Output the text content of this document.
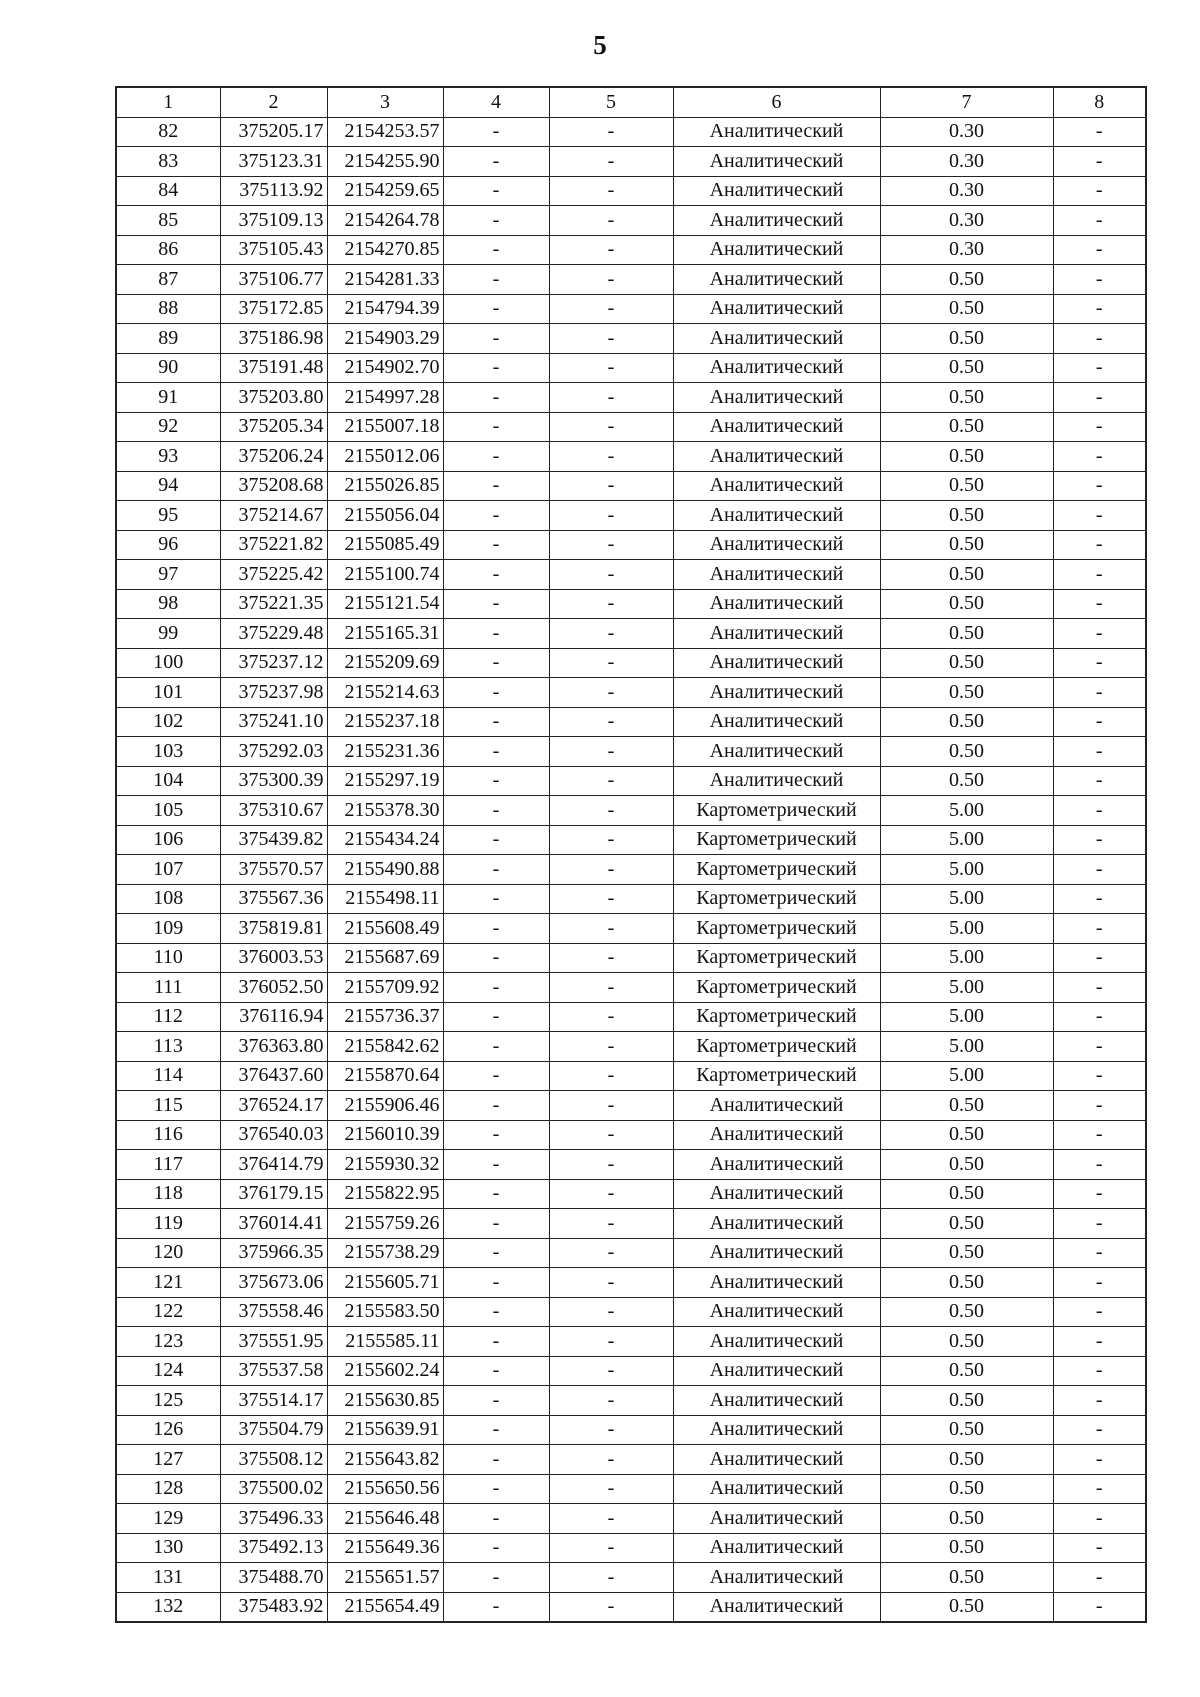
5
1	2	3	4	5	6	7	8
82	375205.17	2154253.57	-	-	Аналитический	0.30	-
83	375123.31	2154255.90	-	-	Аналитический	0.30	-
84	375113.92	2154259.65	-	-	Аналитический	0.30	-
85	375109.13	2154264.78	-	-	Аналитический	0.30	-
86	375105.43	2154270.85	-	-	Аналитический	0.30	-
87	375106.77	2154281.33	-	-	Аналитический	0.50	-
88	375172.85	2154794.39	-	-	Аналитический	0.50	-
89	375186.98	2154903.29	-	-	Аналитический	0.50	-
90	375191.48	2154902.70	-	-	Аналитический	0.50	-
91	375203.80	2154997.28	-	-	Аналитический	0.50	-
92	375205.34	2155007.18	-	-	Аналитический	0.50	-
93	375206.24	2155012.06	-	-	Аналитический	0.50	-
94	375208.68	2155026.85	-	-	Аналитический	0.50	-
95	375214.67	2155056.04	-	-	Аналитический	0.50	-
96	375221.82	2155085.49	-	-	Аналитический	0.50	-
97	375225.42	2155100.74	-	-	Аналитический	0.50	-
98	375221.35	2155121.54	-	-	Аналитический	0.50	-
99	375229.48	2155165.31	-	-	Аналитический	0.50	-
100	375237.12	2155209.69	-	-	Аналитический	0.50	-
101	375237.98	2155214.63	-	-	Аналитический	0.50	-
102	375241.10	2155237.18	-	-	Аналитический	0.50	-
103	375292.03	2155231.36	-	-	Аналитический	0.50	-
104	375300.39	2155297.19	-	-	Аналитический	0.50	-
105	375310.67	2155378.30	-	-	Картометрический	5.00	-
106	375439.82	2155434.24	-	-	Картометрический	5.00	-
107	375570.57	2155490.88	-	-	Картометрический	5.00	-
108	375567.36	2155498.11	-	-	Картометрический	5.00	-
109	375819.81	2155608.49	-	-	Картометрический	5.00	-
110	376003.53	2155687.69	-	-	Картометрический	5.00	-
111	376052.50	2155709.92	-	-	Картометрический	5.00	-
112	376116.94	2155736.37	-	-	Картометрический	5.00	-
113	376363.80	2155842.62	-	-	Картометрический	5.00	-
114	376437.60	2155870.64	-	-	Картометрический	5.00	-
115	376524.17	2155906.46	-	-	Аналитический	0.50	-
116	376540.03	2156010.39	-	-	Аналитический	0.50	-
117	376414.79	2155930.32	-	-	Аналитический	0.50	-
118	376179.15	2155822.95	-	-	Аналитический	0.50	-
119	376014.41	2155759.26	-	-	Аналитический	0.50	-
120	375966.35	2155738.29	-	-	Аналитический	0.50	-
121	375673.06	2155605.71	-	-	Аналитический	0.50	-
122	375558.46	2155583.50	-	-	Аналитический	0.50	-
123	375551.95	2155585.11	-	-	Аналитический	0.50	-
124	375537.58	2155602.24	-	-	Аналитический	0.50	-
125	375514.17	2155630.85	-	-	Аналитический	0.50	-
126	375504.79	2155639.91	-	-	Аналитический	0.50	-
127	375508.12	2155643.82	-	-	Аналитический	0.50	-
128	375500.02	2155650.56	-	-	Аналитический	0.50	-
129	375496.33	2155646.48	-	-	Аналитический	0.50	-
130	375492.13	2155649.36	-	-	Аналитический	0.50	-
131	375488.70	2155651.57	-	-	Аналитический	0.50	-
132	375483.92	2155654.49	-	-	Аналитический	0.50	-
